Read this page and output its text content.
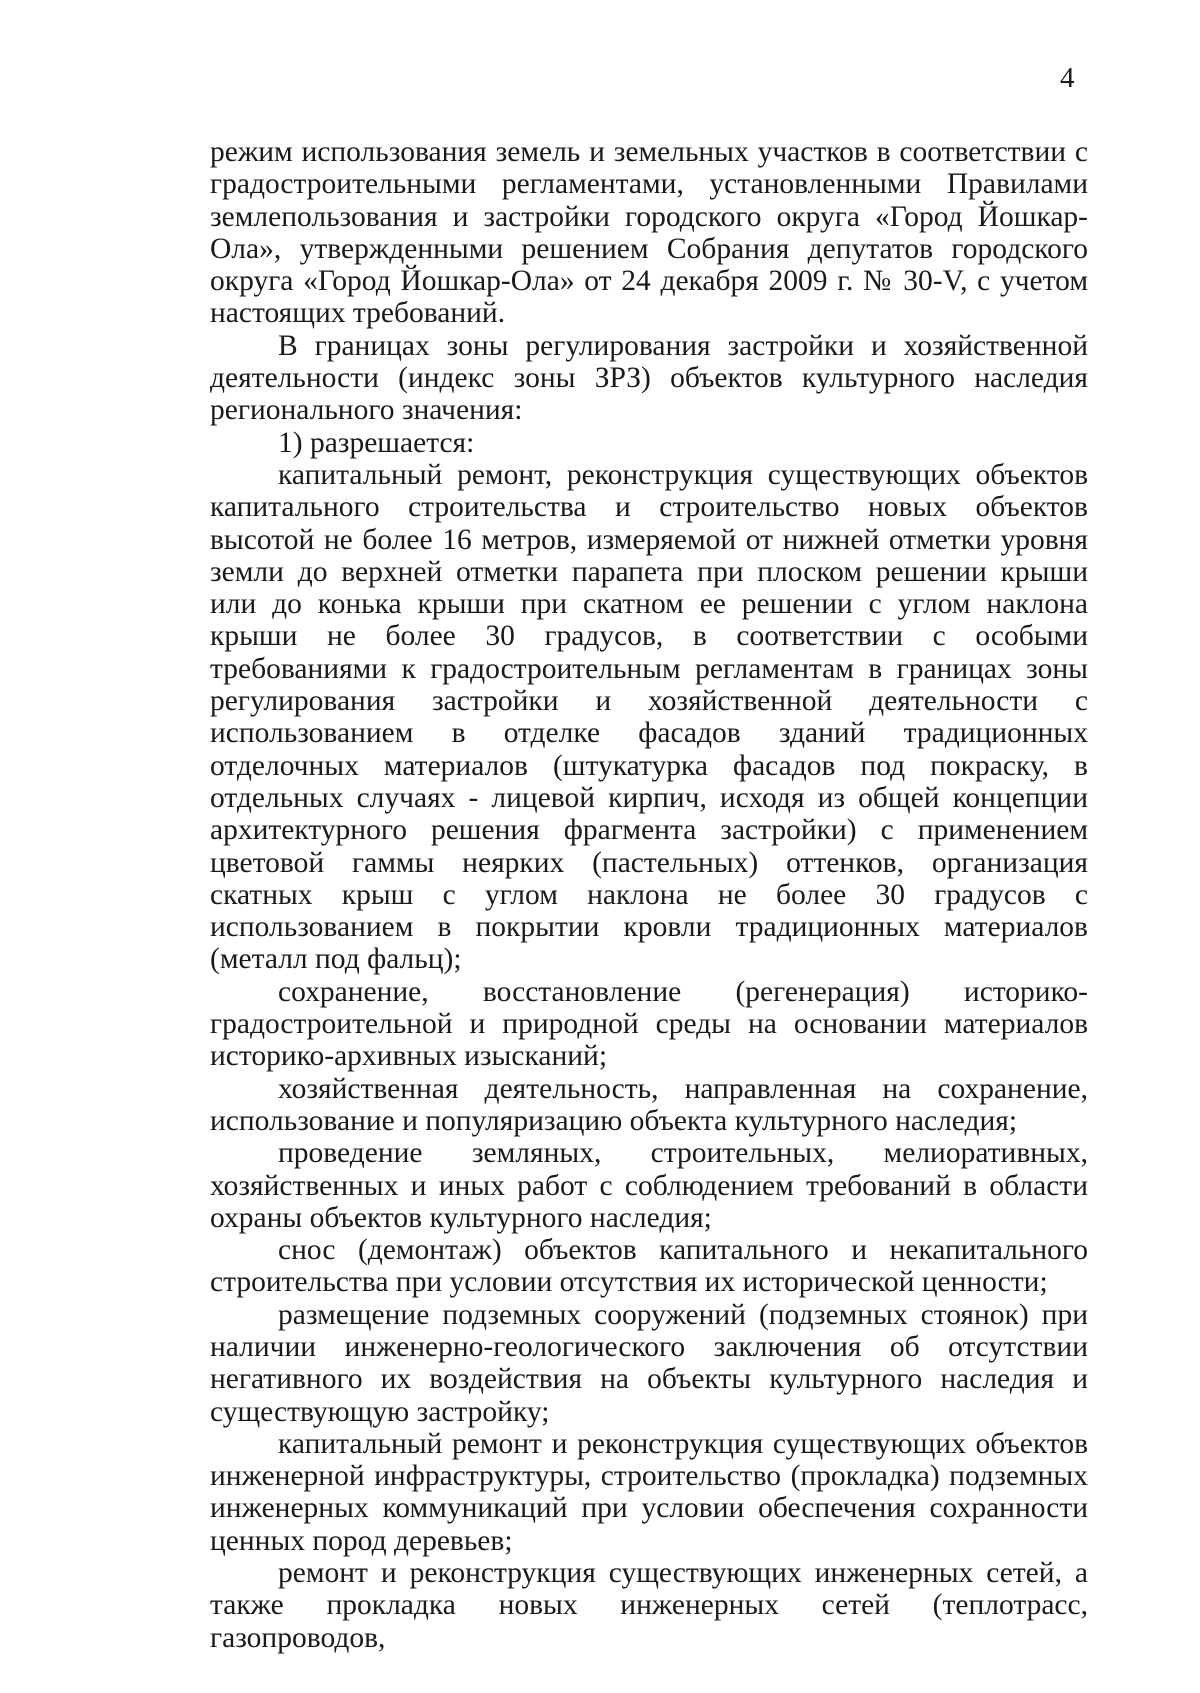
4

режим использования земель и земельных участков в соответствии с градостроительными регламентами, установленными Правилами землепользования и застройки городского округа «Город Йошкар-Ола», утвержденными решением Собрания депутатов городского округа «Город Йошкар-Ола» от 24 декабря 2009 г. № 30-V, с учетом настоящих требований.

В границах зоны регулирования застройки и хозяйственной деятельности (индекс зоны ЗРЗ) объектов культурного наследия регионального значения:

1) разрешается:

капитальный ремонт, реконструкция существующих объектов капитального строительства и строительство новых объектов высотой не более 16 метров, измеряемой от нижней отметки уровня земли до верхней отметки парапета при плоском решении крыши или до конька крыши при скатном ее решении с углом наклона крыши не более 30 градусов, в соответствии с особыми требованиями к градостроительным регламентам в границах зоны регулирования застройки и хозяйственной деятельности с использованием в отделке фасадов зданий традиционных отделочных материалов (штукатурка фасадов под покраску, в отдельных случаях - лицевой кирпич, исходя из общей концепции архитектурного решения фрагмента застройки) с применением цветовой гаммы неярких (пастельных) оттенков, организация скатных крыш с углом наклона не более 30 градусов с использованием в покрытии кровли традиционных материалов (металл под фальц);

сохранение, восстановление (регенерация) историко-градостроительной и природной среды на основании материалов историко-архивных изысканий;

хозяйственная деятельность, направленная на сохранение, использование и популяризацию объекта культурного наследия;

проведение земляных, строительных, мелиоративных, хозяйственных и иных работ с соблюдением требований в области охраны объектов культурного наследия;

снос (демонтаж) объектов капитального и некапитального строительства при условии отсутствия их исторической ценности;

размещение подземных сооружений (подземных стоянок) при наличии инженерно-геологического заключения об отсутствии негативного их воздействия на объекты культурного наследия и существующую застройку;

капитальный ремонт и реконструкция существующих объектов инженерной инфраструктуры, строительство (прокладка) подземных инженерных коммуникаций при условии обеспечения сохранности ценных пород деревьев;

ремонт и реконструкция существующих инженерных сетей, а также прокладка новых инженерных сетей (теплотрасс, газопроводов,
